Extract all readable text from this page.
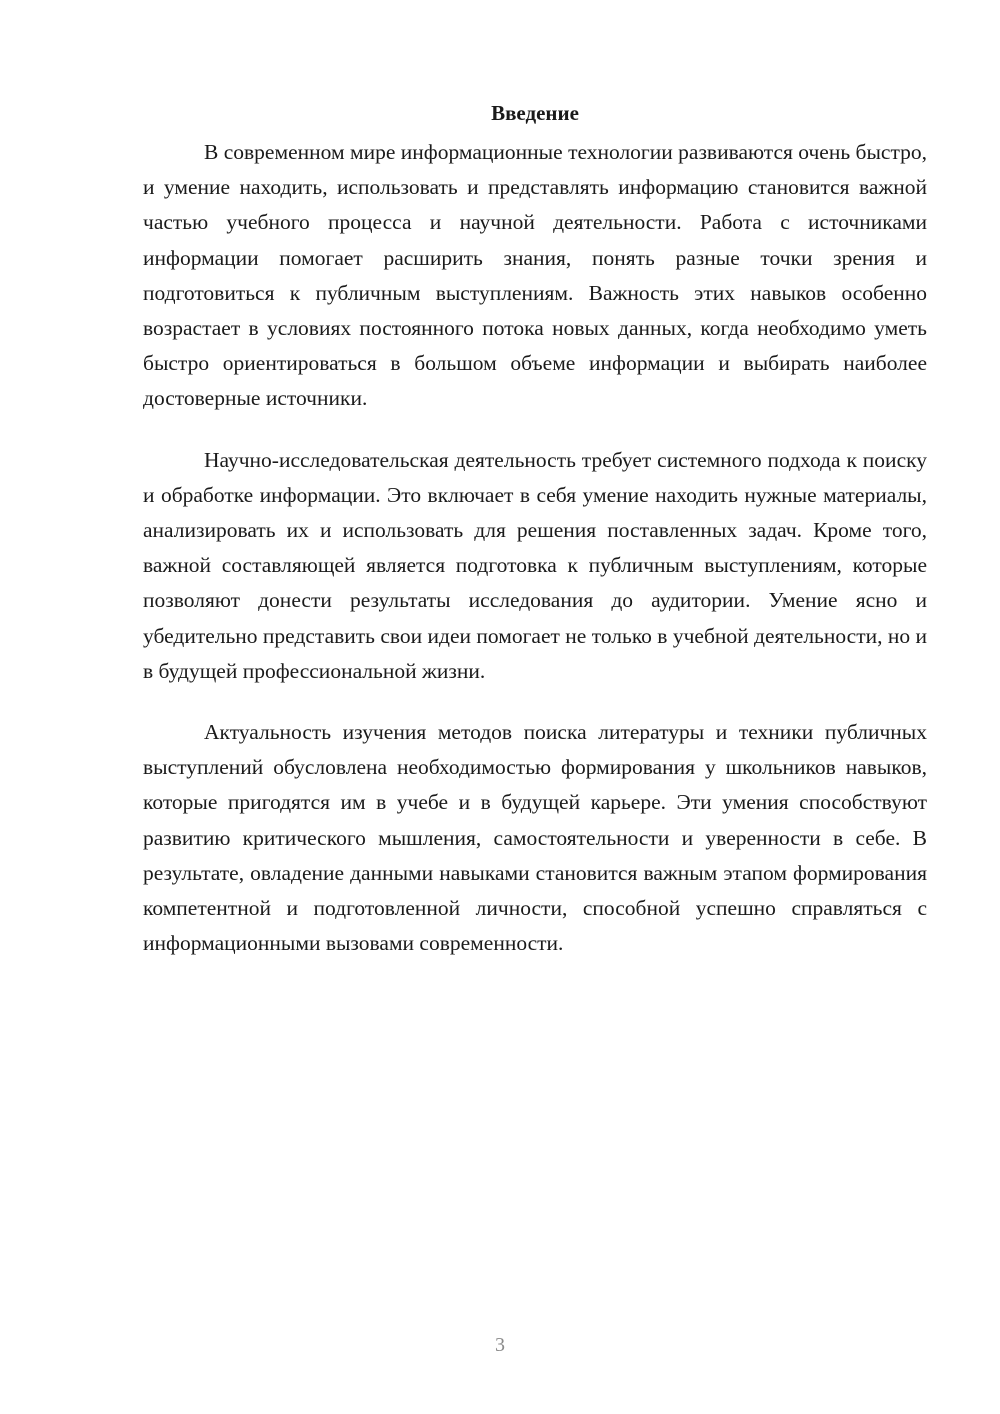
Введение

В современном мире информационные технологии развиваются очень быстро, и умение находить, использовать и представлять информацию становится важной частью учебного процесса и научной деятельности. Работа с источниками информации помогает расширить знания, понять разные точки зрения и подготовиться к публичным выступлениям. Важность этих навыков особенно возрастает в условиях постоянного потока новых данных, когда необходимо уметь быстро ориентироваться в большом объеме информации и выбирать наиболее достоверные источники.

Научно-исследовательская деятельность требует системного подхода к поиску и обработке информации. Это включает в себя умение находить нужные материалы, анализировать их и использовать для решения поставленных задач. Кроме того, важной составляющей является подготовка к публичным выступлениям, которые позволяют донести результаты исследования до аудитории. Умение ясно и убедительно представить свои идеи помогает не только в учебной деятельности, но и в будущей профессиональной жизни.

Актуальность изучения методов поиска литературы и техники публичных выступлений обусловлена необходимостью формирования у школьников навыков, которые пригодятся им в учебе и в будущей карьере. Эти умения способствуют развитию критического мышления, самостоятельности и уверенности в себе. В результате, овладение данными навыками становится важным этапом формирования компетентной и подготовленной личности, способной успешно справляться с информационными вызовами современности.

3
